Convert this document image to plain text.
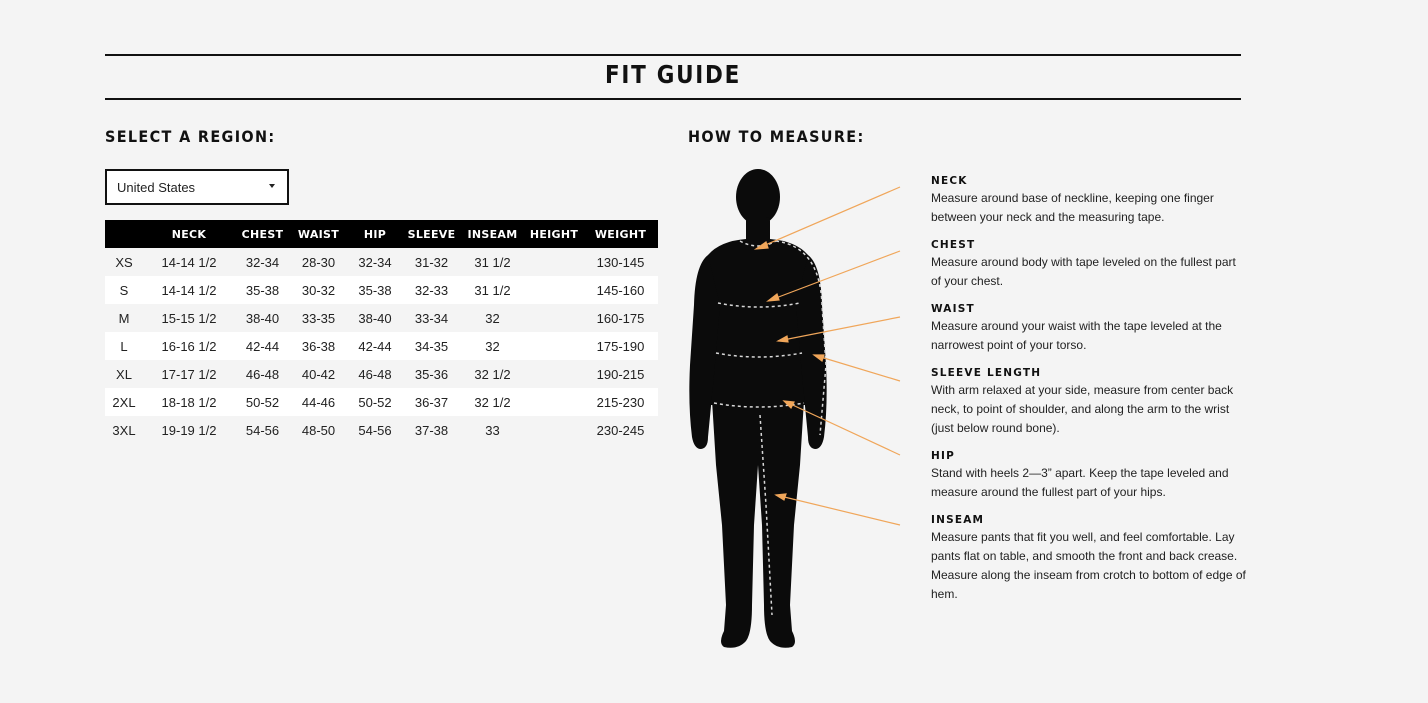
FIT GUIDE
SELECT A REGION:
United States
	NECK	CHEST	WAIST	HIP	SLEEVE	INSEAM	HEIGHT	WEIGHT
XS	14-14 1/2	32-34	28-30	32-34	31-32	31 1/2		130-145
S	14-14 1/2	35-38	30-32	35-38	32-33	31 1/2		145-160
M	15-15 1/2	38-40	33-35	38-40	33-34	32		160-175
L	16-16 1/2	42-44	36-38	42-44	34-35	32		175-190
XL	17-17 1/2	46-48	40-42	46-48	35-36	32 1/2		190-215
2XL	18-18 1/2	50-52	44-46	50-52	36-37	32 1/2		215-230
3XL	19-19 1/2	54-56	48-50	54-56	37-38	33		230-245
HOW TO MEASURE:
NECK
Measure around base of neckline, keeping one finger
between your neck and the measuring tape.
CHEST
Measure around body with tape leveled on the fullest part
of your chest.
WAIST
Measure around your waist with the tape leveled at the
narrowest point of your torso.
SLEEVE LENGTH
With arm relaxed at your side, measure from center back
neck, to point of shoulder, and along the arm to the wrist
(just below round bone).
HIP
Stand with heels 2—3” apart. Keep the tape leveled and
measure around the fullest part of your hips.
INSEAM
Measure pants that fit you well, and feel comfortable. Lay
pants flat on table, and smooth the front and back crease.
Measure along the inseam from crotch to bottom of edge of
hem.
